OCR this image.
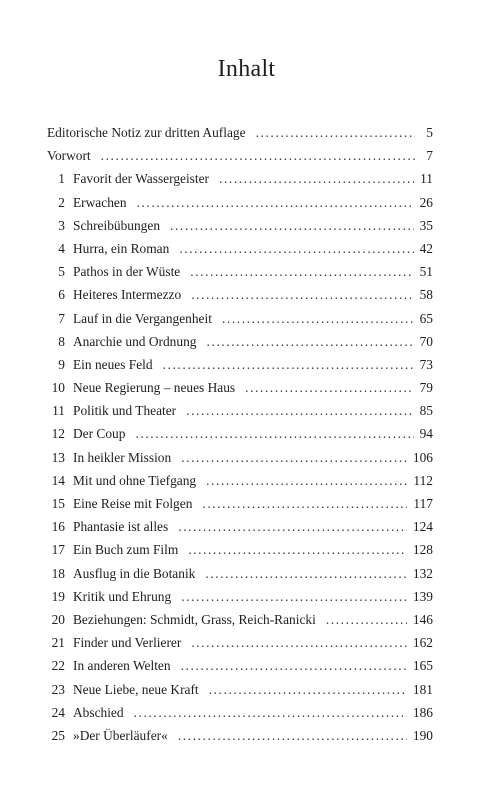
Inhalt
Editorische Notiz zur dritten Auflage .....	5
Vorwort .....	7
1 Favorit der Wassergeister .....	11
2 Erwachen .....	26
3 Schreibübungen .....	35
4 Hurra, ein Roman .....	42
5 Pathos in der Wüste .....	51
6 Heiteres Intermezzo .....	58
7 Lauf in die Vergangenheit .....	65
8 Anarchie und Ordnung .....	70
9 Ein neues Feld .....	73
10 Neue Regierung – neues Haus .....	79
11 Politik und Theater .....	85
12 Der Coup .....	94
13 In heikler Mission .....	106
14 Mit und ohne Tiefgang .....	112
15 Eine Reise mit Folgen .....	117
16 Phantasie ist alles .....	124
17 Ein Buch zum Film .....	128
18 Ausflug in die Botanik .....	132
19 Kritik und Ehrung .....	139
20 Beziehungen: Schmidt, Grass, Reich-Ranicki .....	146
21 Finder und Verlierer .....	162
22 In anderen Welten .....	165
23 Neue Liebe, neue Kraft .....	181
24 Abschied .....	186
25 »Der Überläufer« .....	190
